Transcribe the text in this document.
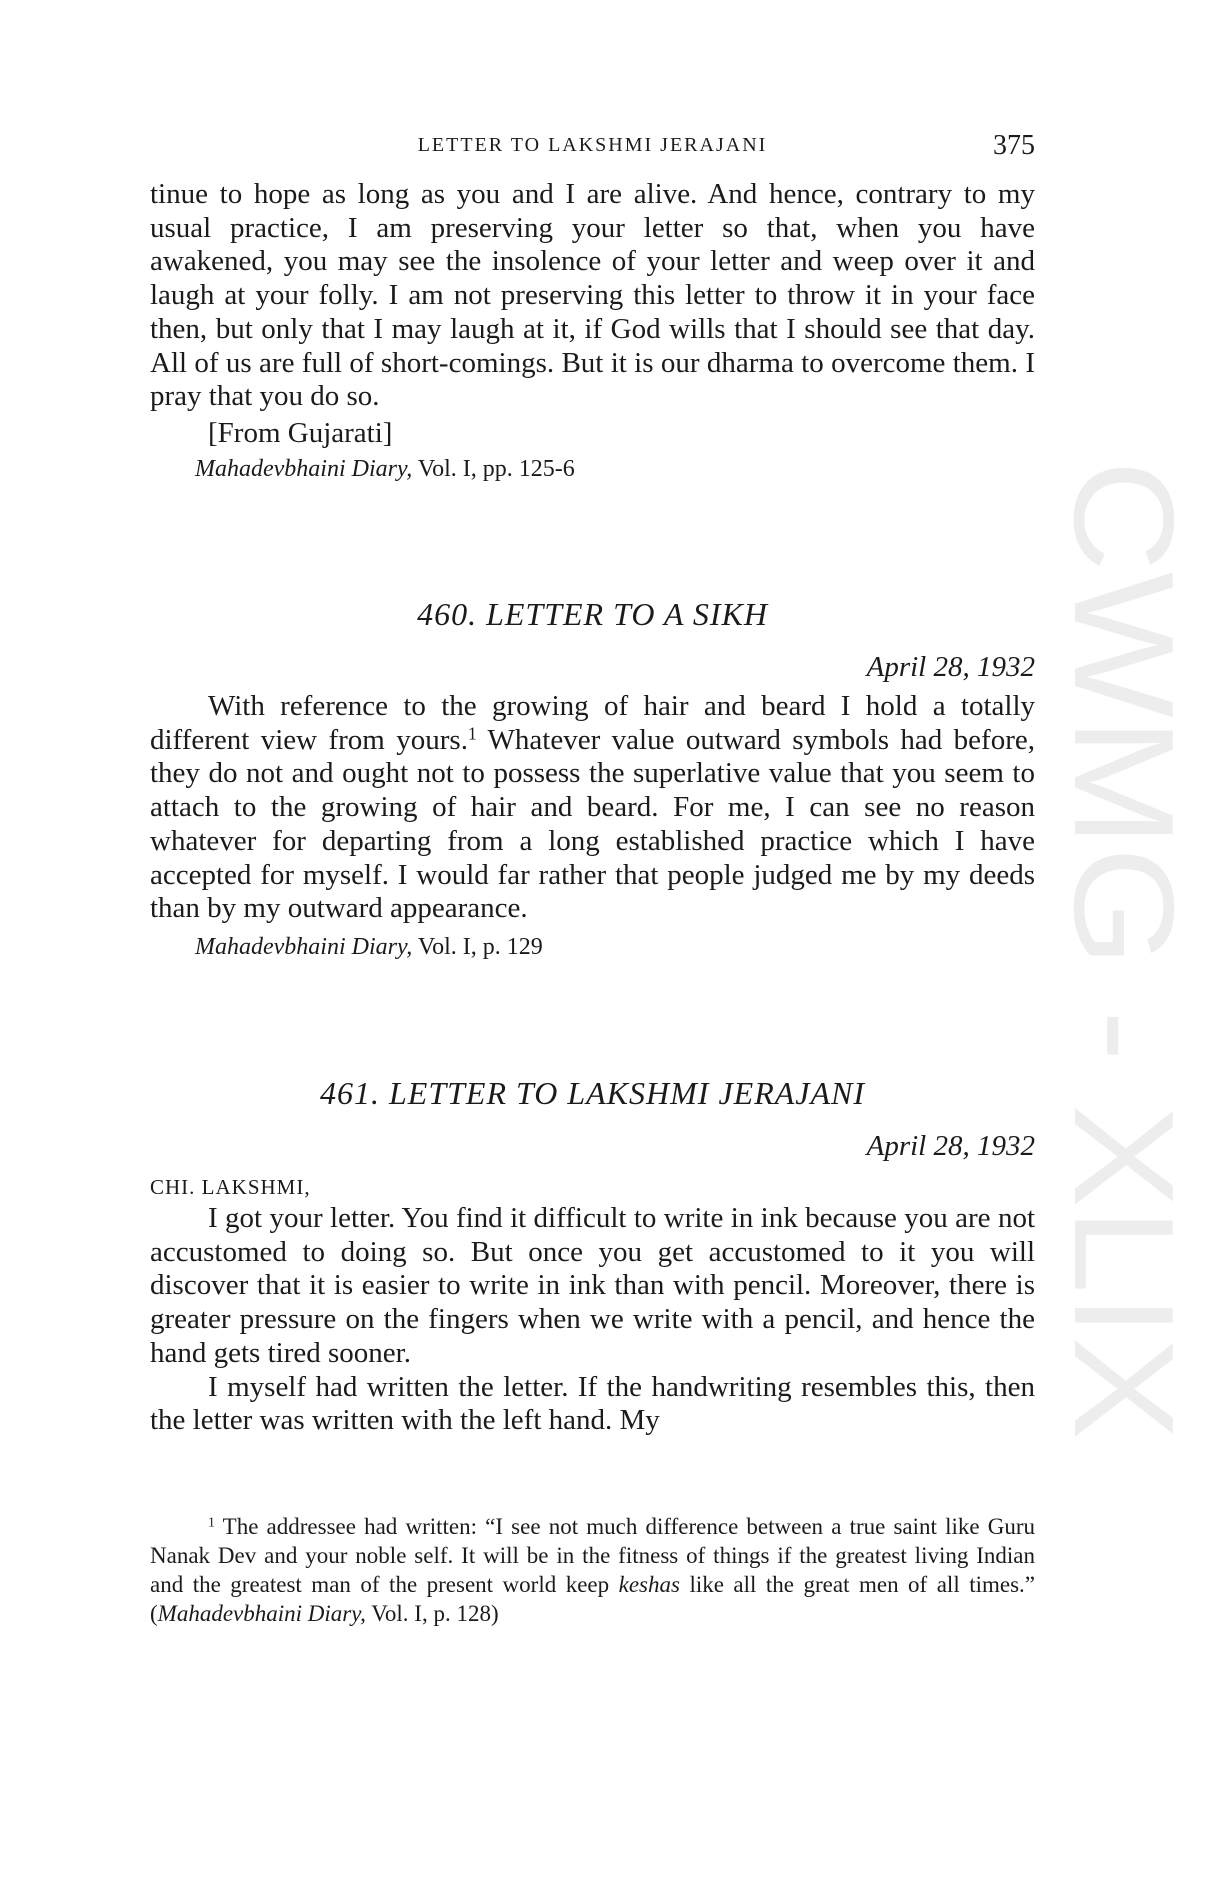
CWMG - XLIX
LETTER TO LAKSHMI JERAJANI	375

tinue to hope as long as you and I are alive. And hence, contrary to my usual practice, I am preserving your letter so that, when you have awakened, you may see the insolence of your letter and weep over it and laugh at your folly. I am not preserving this letter to throw it in your face then, but only that I may laugh at it, if God wills that I should see that day. All of us are full of short-comings. But it is our dharma to overcome them. I pray that you do so.

[From Gujarati]

Mahadevbhaini Diary, Vol. I, pp. 125-6

460. LETTER TO A SIKH

April 28, 1932

With reference to the growing of hair and beard I hold a totally different view from yours.$^1$ Whatever value outward symbols had before, they do not and ought not to possess the superlative value that you seem to attach to the growing of hair and beard. For me, I can see no reason whatever for departing from a long established practice which I have accepted for myself. I would far rather that people judged me by my deeds than by my outward appearance.

Mahadevbhaini Diary, Vol. I, p. 129

461. LETTER TO LAKSHMI JERAJANI

April 28, 1932

CHI. LAKSHMI,

I got your letter. You find it difficult to write in ink because you are not accustomed to doing so. But once you get accustomed to it you will discover that it is easier to write in ink than with pencil. Moreover, there is greater pressure on the fingers when we write with a pencil, and hence the hand gets tired sooner.

I myself had written the letter. If the handwriting resembles this, then the letter was written with the left hand. My

$^1$ The addressee had written: “I see not much difference between a true saint like Guru Nanak Dev and your noble self. It will be in the fitness of things if the greatest living Indian and the greatest man of the present world keep keshas like all the great men of all times.” (Mahadevbhaini Diary, Vol. I, p. 128)
